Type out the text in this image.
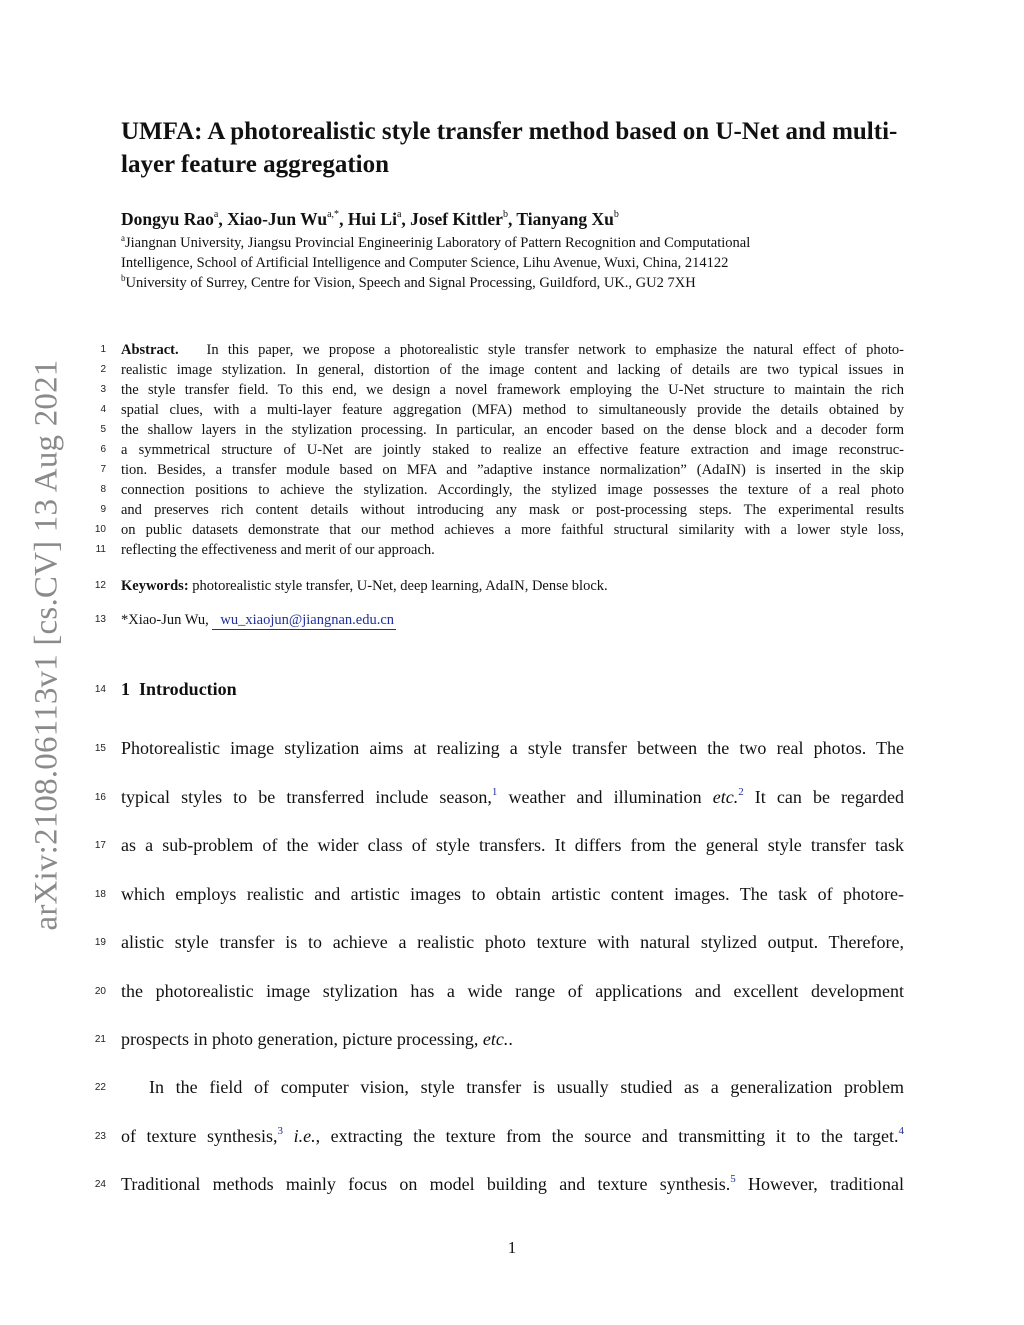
arXiv:2108.06113v1 [cs.CV] 13 Aug 2021
UMFA: A photorealistic style transfer method based on U-Net and multi-layer feature aggregation
Dongyu Rao$^a$, Xiao-Jun $Wu^{a,*}$, Hui Li$^a$, Josef Kittler$^b$, Tianyang Xu$^b$
$^a$Jiangnan University, Jiangsu Provincial Engineerinig Laboratory of Pattern Recognition and Computational
Intelligence, School of Artificial Intelligence and Computer Science, Lihu Avenue, Wuxi, China, 214122
$^b$University of Surrey, Centre for Vision, Speech and Signal Processing, Guildford, UK., GU2 7XH
1
2
3
4
5
6
7
8
9
10
11
12
13
14
15
16
17
18
19
20
21
22
23
24
Abstract. In this paper, we propose a photorealistic style transfer network to emphasize the natural effect of photo-
realistic image stylization. In general, distortion of the image content and lacking of details are two typical issues in
the style transfer field. To this end, we design a novel framework employing the U-Net structure to maintain the rich
spatial clues, with a multi-layer feature aggregation (MFA) method to simultaneously provide the details obtained by
the shallow layers in the stylization processing. In particular, an encoder based on the dense block and a decoder form
a symmetrical structure of U-Net are jointly staked to realize an effective feature extraction and image reconstruc-
tion. Besides, a transfer module based on MFA and ”adaptive instance normalization” (AdaIN) is inserted in the skip
connection positions to achieve the stylization. Accordingly, the stylized image possesses the texture of a real photo
and preserves rich content details without introducing any mask or post-processing steps. The experimental results
on public datasets demonstrate that our method achieves a more faithful structural similarity with a lower style loss,
reflecting the effectiveness and merit of our approach.
Keywords: photorealistic style transfer, U-Net, deep learning, AdaIN, Dense block.
*Xiao-Jun Wu, wu_xiaojun@jiangnan.edu.cn
1 Introduction
Photorealistic image stylization aims at realizing a style transfer between the two real photos. The
typical styles to be transferred include season,$^1$ weather and illumination etc.$^2$ It can be regarded
as a sub-problem of the wider class of style transfers. It differs from the general style transfer task
which employs realistic and artistic images to obtain artistic content images. The task of photore-
alistic style transfer is to achieve a realistic photo texture with natural stylized output. Therefore,
the photorealistic image stylization has a wide range of applications and excellent development
prospects in photo generation, picture processing, etc..
In the field of computer vision, style transfer is usually studied as a generalization problem
of texture synthesis,$^3$ i.e., extracting the texture from the source and transmitting it to the target.$^4$
Traditional methods mainly focus on model building and texture synthesis.$^5$ However, traditional
1
